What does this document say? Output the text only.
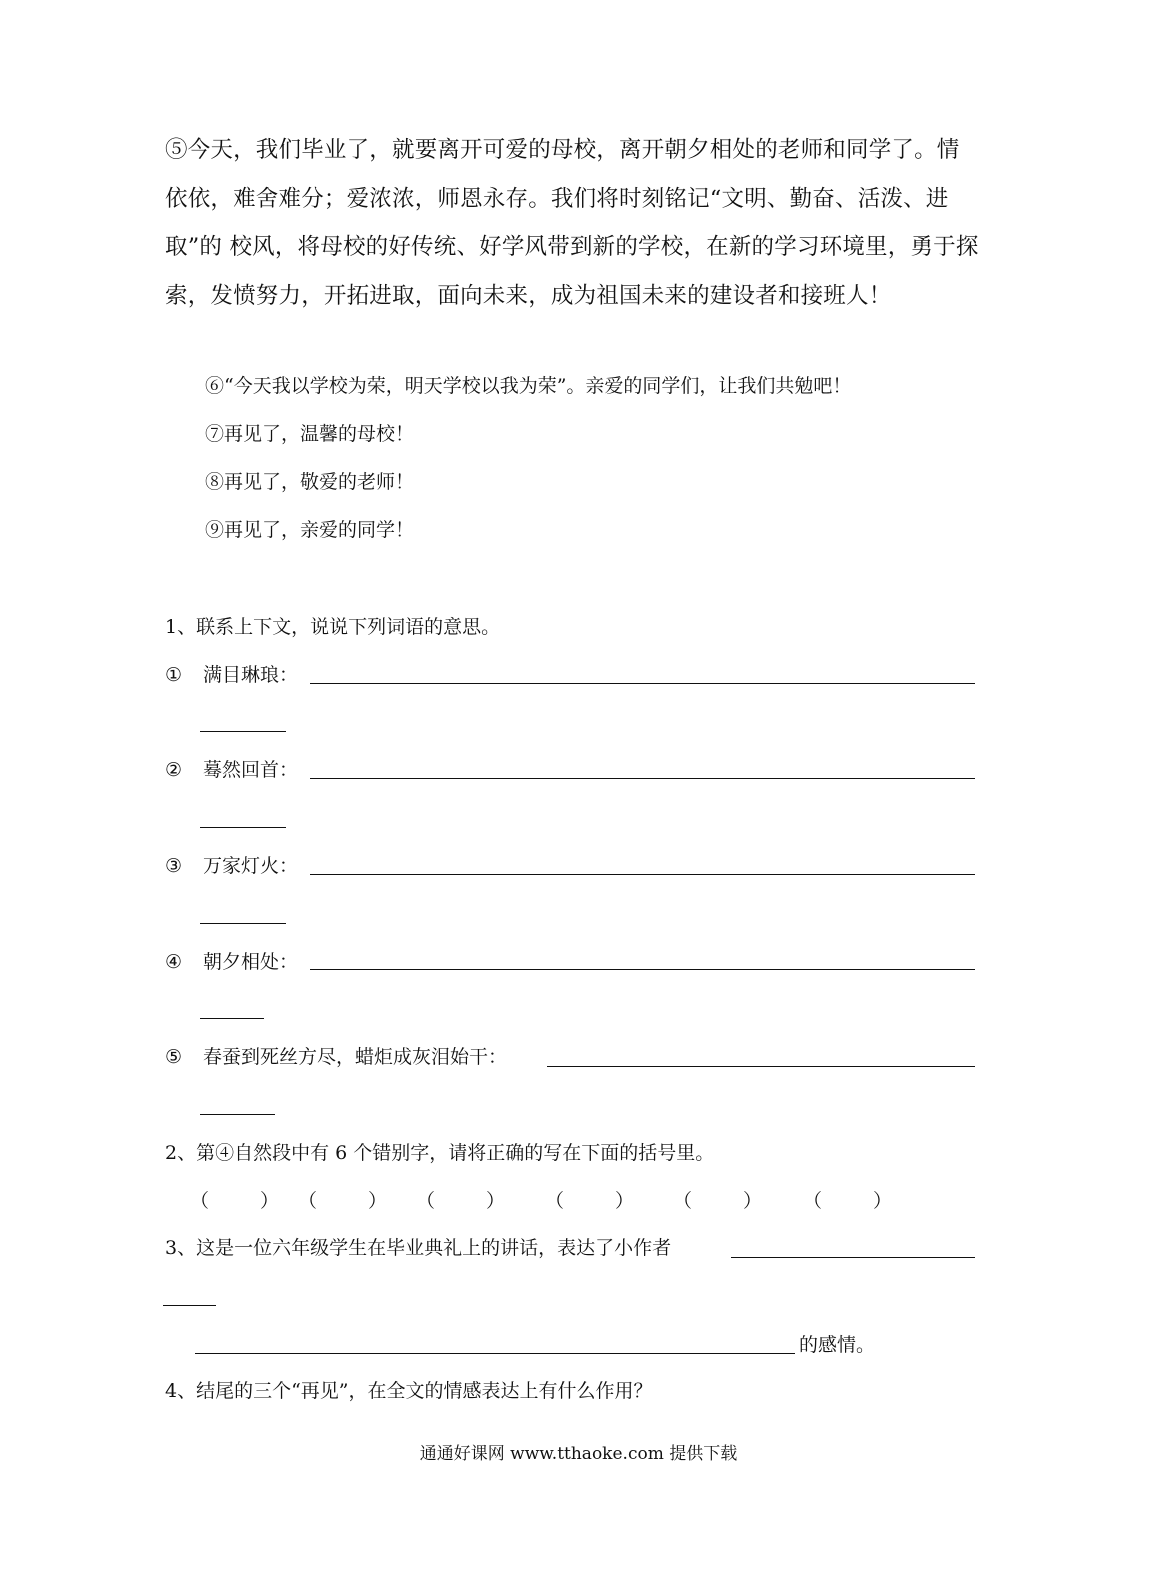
⑤今天，我们毕业了，就要离开可爱的母校，离开朝夕相处的老师和同学了。情依依，难舍难分；爱浓浓，师恩永存。我们将时刻铭记“文明、勤奋、活泼、进取”的 校风，将母校的好传统、好学风带到新的学校，在新的学习环境里，勇于探索，发愤努力，开拓进取，面向未来，成为祖国未来的建设者和接班人！

⑥“今天我以学校为荣，明天学校以我为荣”。亲爱的同学们，让我们共勉吧！
⑦再见了，温馨的母校！
⑧再见了，敬爱的老师！
⑨再见了，亲爱的同学！
1、联系上下文，说说下列词语的意思。
① 满目琳琅：
② 蓦然回首：
③ 万家灯火：
④ 朝夕相处：
⑤ 春蚕到死丝方尽，蜡炬成灰泪始干：
2、第④自然段中有 6 个错别字，请将正确的写在下面的括号里。
（	） （	） （	） （	） （	） （	）
3、这是一位六年级学生在毕业典礼上的讲话，表达了小作者
的感情。
4、结尾的三个“再见”，在全文的情感表达上有什么作用？
通通好课网 www.tthaoke.com 提供下载
